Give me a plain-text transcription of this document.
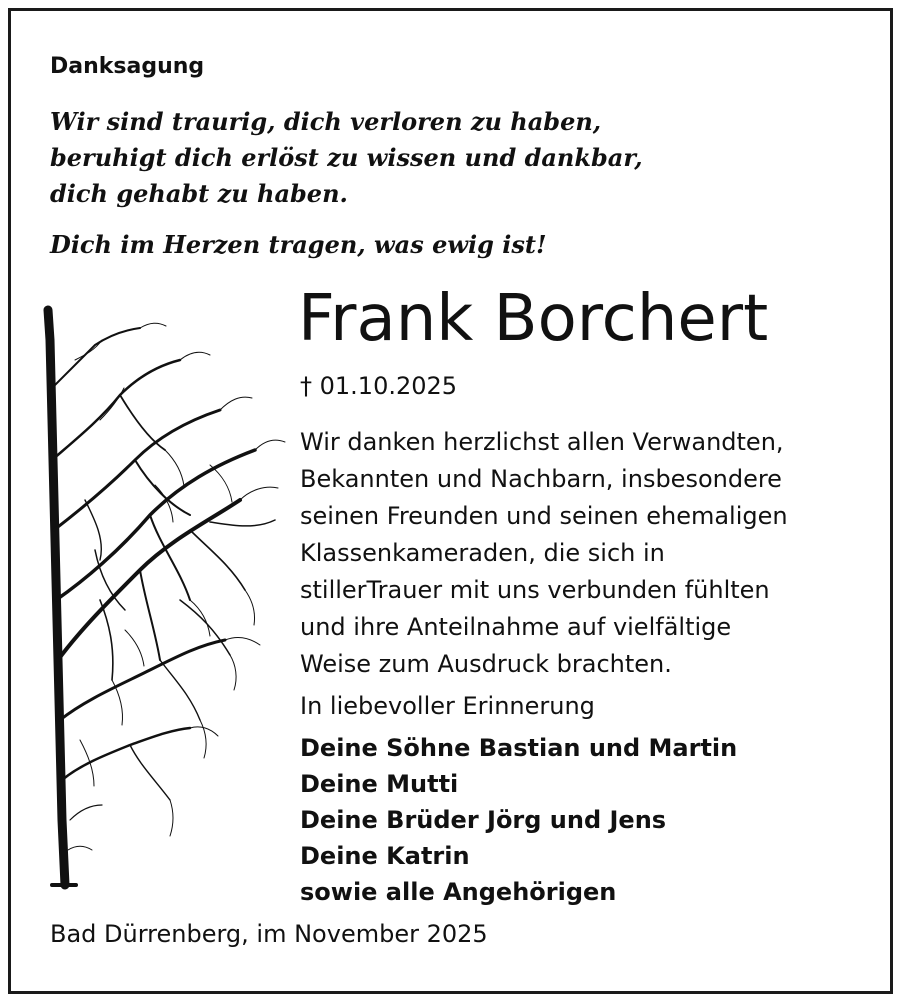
Danksagung
Wir sind traurig, dich verloren zu haben,
beruhigt dich erlöst zu wissen und dankbar,
dich gehabt zu haben.
Dich im Herzen tragen, was ewig ist!
Frank Borchert
† 01.10.2025
Wir danken herzlichst allen Verwandten,
Bekannten und Nachbarn, insbesondere
seinen Freunden und seinen ehemaligen
Klassenkameraden, die sich in
stillerTrauer mit uns verbunden fühlten
und ihre Anteilnahme auf vielfältige
Weise zum Ausdruck brachten.
In liebevoller Erinnerung
Deine Söhne Bastian und Martin
Deine Mutti
Deine Brüder Jörg und Jens
Deine Katrin
sowie alle Angehörigen
Bad Dürrenberg, im November 2025
